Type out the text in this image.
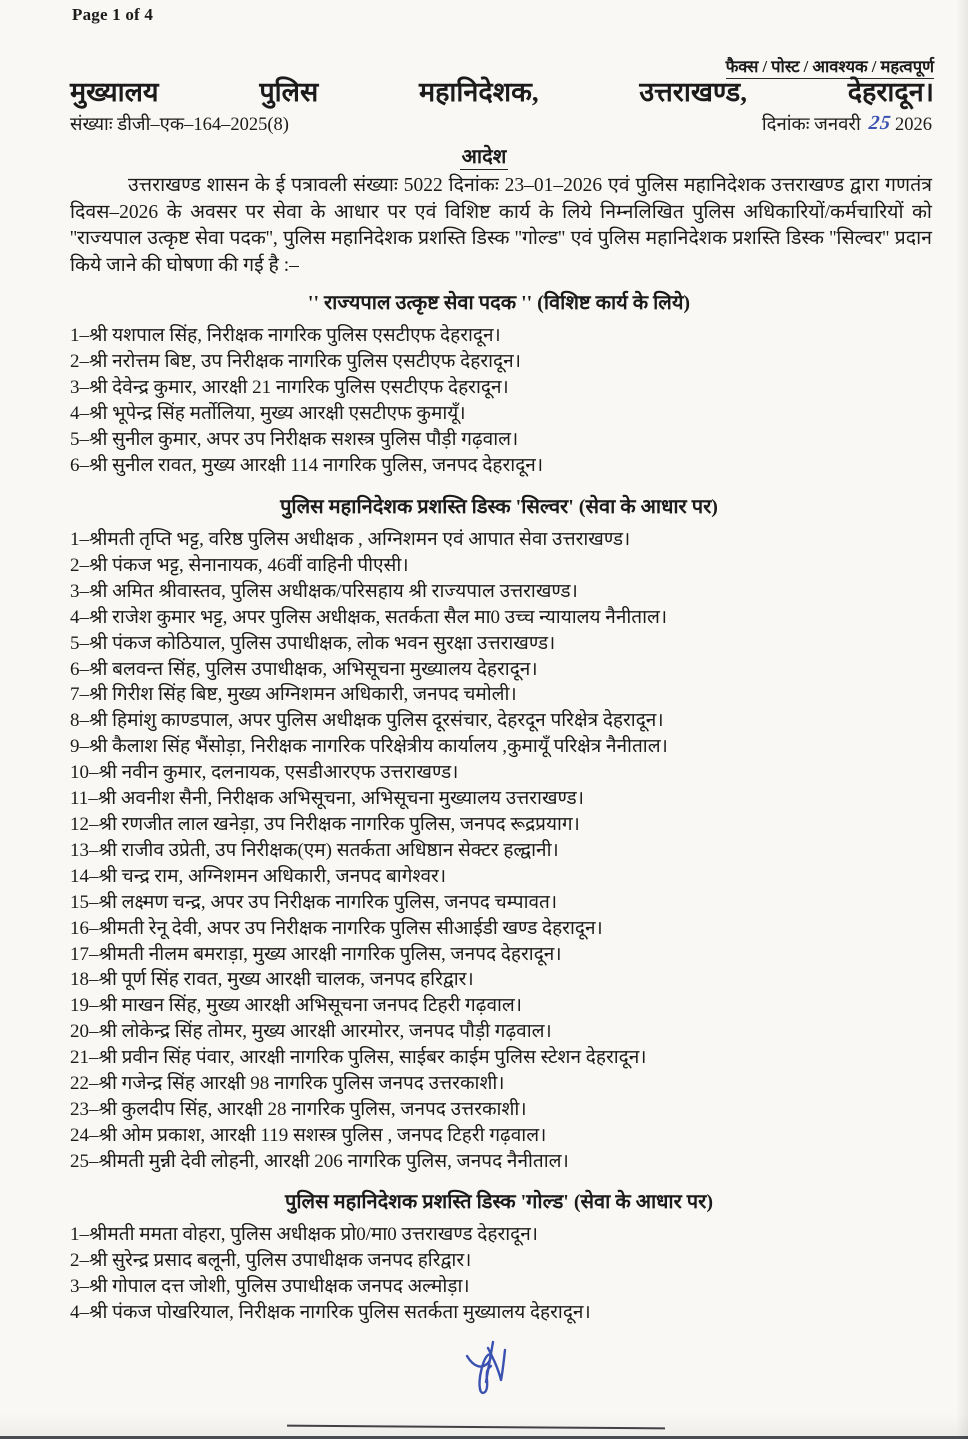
Page 1 of 4
फैक्स / पोस्ट / आवश्यक / महत्वपूर्ण
मुख्यालय	पुलिस	महानिदेशक,	उत्तराखण्ड,	देहरादून।
संख्याः डीजी–एक–164–2025(8)	दिनांकः जनवरी 25 2026
आदेश

उत्तराखण्ड शासन के ई पत्रावली संख्याः 5022 दिनांकः 23–01–2026 एवं पुलिस महानिदेशक उत्तराखण्ड द्वारा गणतंत्र दिवस–2026 के अवसर पर सेवा के आधार पर एवं विशिष्ट कार्य के लिये निम्नलिखित पुलिस अधिकारियों/कर्मचारियों को ''राज्यपाल उत्कृष्ट सेवा पदक'', पुलिस महानिदेशक प्रशस्ति डिस्क ''गोल्ड'' एवं पुलिस महानिदेशक प्रशस्ति डिस्क ''सिल्वर'' प्रदान किये जाने की घोषणा की गई है :–

'' राज्यपाल उत्कृष्ट सेवा पदक '' (विशिष्ट कार्य के लिये)
1–श्री यशपाल सिंह, निरीक्षक नागरिक पुलिस एसटीएफ देहरादून।
2–श्री नरोत्तम बिष्ट, उप निरीक्षक नागरिक पुलिस एसटीएफ देहरादून।
3–श्री देवेन्द्र कुमार, आरक्षी 21 नागरिक पुलिस एसटीएफ देहरादून।
4–श्री भूपेन्द्र सिंह मर्तोलिया, मुख्य आरक्षी एसटीएफ कुमायूँ।
5–श्री सुनील कुमार, अपर उप निरीक्षक सशस्त्र पुलिस पौड़ी गढ़वाल।
6–श्री सुनील रावत, मुख्य आरक्षी 114 नागरिक पुलिस, जनपद देहरादून।
पुलिस महानिदेशक प्रशस्ति डिस्क 'सिल्वर' (सेवा के आधार पर)
1–श्रीमती तृप्ति भट्ट, वरिष्ठ पुलिस अधीक्षक , अग्निशमन एवं आपात सेवा उत्तराखण्ड।
2–श्री पंकज भट्ट, सेनानायक, 46वीं वाहिनी पीएसी।
3–श्री अमित श्रीवास्तव, पुलिस अधीक्षक/परिसहाय श्री राज्यपाल उत्तराखण्ड।
4–श्री राजेश कुमार भट्ट, अपर पुलिस अधीक्षक, सतर्कता सैल मा0 उच्च न्यायालय नैनीताल।
5–श्री पंकज कोठियाल, पुलिस उपाधीक्षक, लोक भवन सुरक्षा उत्तराखण्ड।
6–श्री बलवन्त सिंह, पुलिस उपाधीक्षक, अभिसूचना मुख्यालय देहरादून।
7–श्री गिरीश सिंह बिष्ट, मुख्य अग्निशमन अधिकारी, जनपद चमोली।
8–श्री हिमांशु काण्डपाल, अपर पुलिस अधीक्षक पुलिस दूरसंचार, देहरदून परिक्षेत्र देहरादून।
9–श्री कैलाश सिंह भैंसोड़ा, निरीक्षक नागरिक परिक्षेत्रीय कार्यालय ,कुमायूँ परिक्षेत्र नैनीताल।
10–श्री नवीन कुमार, दलनायक, एसडीआरएफ उत्तराखण्ड।
11–श्री अवनीश सैनी, निरीक्षक अभिसूचना, अभिसूचना मुख्यालय उत्तराखण्ड।
12–श्री रणजीत लाल खनेड़ा, उप निरीक्षक नागरिक पुलिस, जनपद रूद्रप्रयाग।
13–श्री राजीव उप्रेती, उप निरीक्षक(एम) सतर्कता अधिष्ठान सेक्टर हल्द्वानी।
14–श्री चन्द्र राम, अग्निशमन अधिकारी, जनपद बागेश्वर।
15–श्री लक्ष्मण चन्द्र, अपर उप निरीक्षक नागरिक पुलिस, जनपद चम्पावत।
16–श्रीमती रेनू देवी, अपर उप निरीक्षक नागरिक पुलिस सीआईडी खण्ड देहरादून।
17–श्रीमती नीलम बमराड़ा, मुख्य आरक्षी नागरिक पुलिस, जनपद देहरादून।
18–श्री पूर्ण सिंह रावत, मुख्य आरक्षी चालक, जनपद हरिद्वार।
19–श्री माखन सिंह, मुख्य आरक्षी अभिसूचना जनपद टिहरी गढ़वाल।
20–श्री लोकेन्द्र सिंह तोमर, मुख्य आरक्षी आरमोरर, जनपद पौड़ी गढ़वाल।
21–श्री प्रवीन सिंह पंवार, आरक्षी नागरिक पुलिस, साईबर काईम पुलिस स्टेशन देहरादून।
22–श्री गजेन्द्र सिंह आरक्षी 98 नागरिक पुलिस जनपद उत्तरकाशी।
23–श्री कुलदीप सिंह, आरक्षी 28 नागरिक पुलिस, जनपद उत्तरकाशी।
24–श्री ओम प्रकाश, आरक्षी 119 सशस्त्र पुलिस , जनपद टिहरी गढ़वाल।
25–श्रीमती मुन्नी देवी लोहनी, आरक्षी 206 नागरिक पुलिस, जनपद नैनीताल।
पुलिस महानिदेशक प्रशस्ति डिस्क 'गोल्ड' (सेवा के आधार पर)
1–श्रीमती ममता वोहरा, पुलिस अधीक्षक प्रो0/मा0 उत्तराखण्ड देहरादून।
2–श्री सुरेन्द्र प्रसाद बलूनी, पुलिस उपाधीक्षक जनपद हरिद्वार।
3–श्री गोपाल दत्त जोशी, पुलिस उपाधीक्षक जनपद अल्मोड़ा।
4–श्री पंकज पोखरियाल, निरीक्षक नागरिक पुलिस सतर्कता मुख्यालय देहरादून।
